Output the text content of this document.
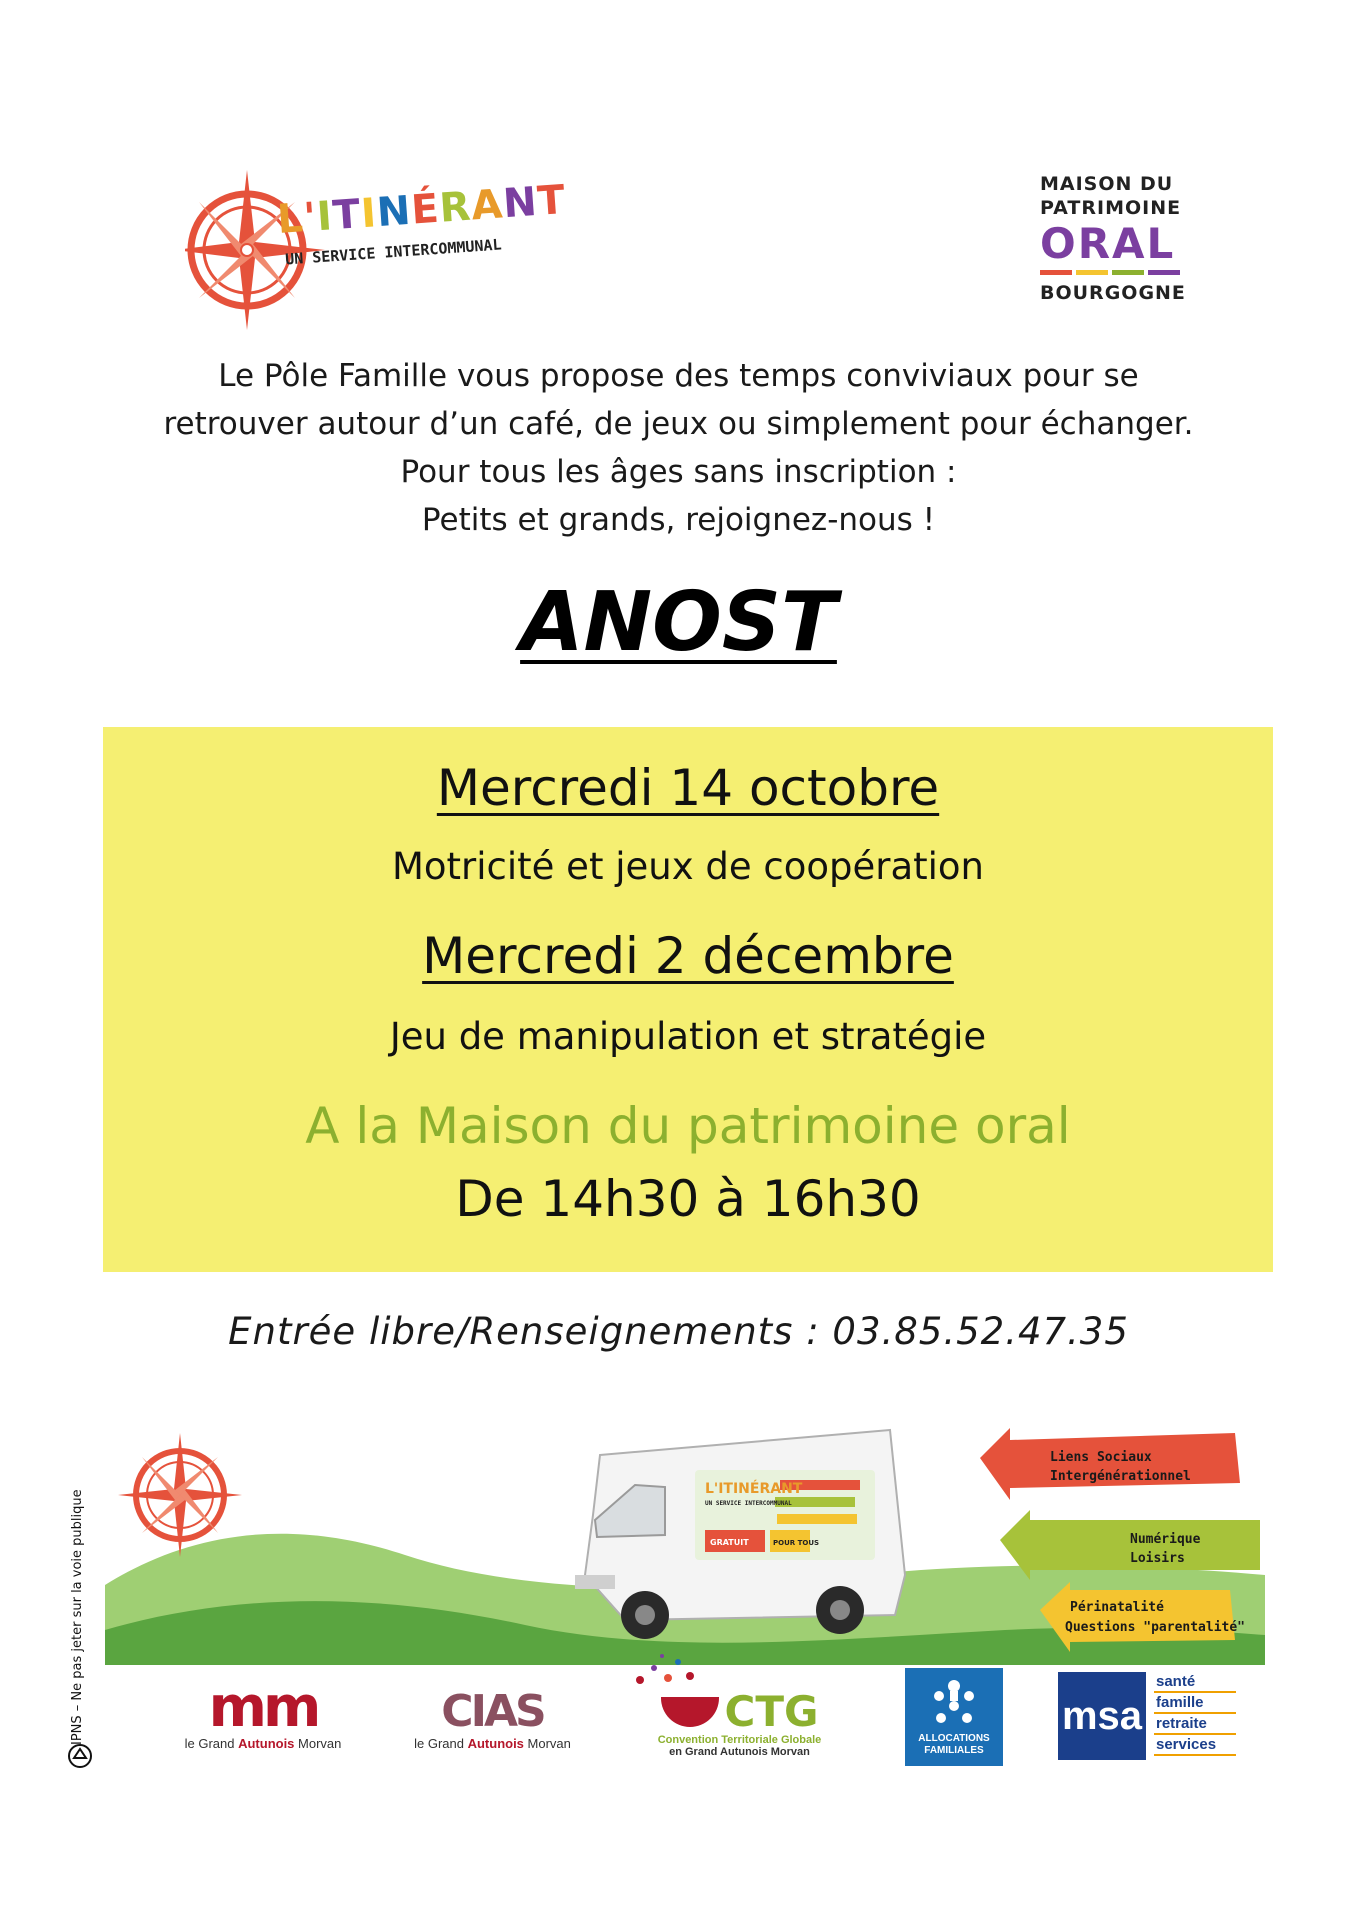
L'ITINÉRANT
UN SERVICE INTERCOMMUNAL
MAISON DU
PATRIMOINE
ORAL
BOURGOGNE

Le Pôle Famille vous propose des temps conviviaux pour se

retrouver autour d’un café, de jeux ou simplement pour échanger.

Pour tous les âges sans inscription :

Petits et grands, rejoignez-nous !

ANOST
Mercredi 14 octobre
Motricité et jeux de coopération
Mercredi 2 décembre
Jeu de manipulation et stratégie
A la Maison du patrimoine oral
De 14h30 à 16h30
Entrée libre/Renseignements : 03.85.52.47.35
IPNS – Ne pas jeter sur la voie publique
L'ITINÉRANT
UN SERVICE INTERCOMMUNAL
GRATUIT	POUR TOUS
Liens Sociaux
Intergénérationnel
Numérique
Loisirs
Périnatalité
Questions "parentalité"
mm
le Grand Autunois Morvan
CIAS
le Grand Autunois Morvan
CTG
Convention Territoriale Globale
en Grand Autunois Morvan
ALLOCATIONS
FAMILIALES
msa
santé
famille
retraite
services
